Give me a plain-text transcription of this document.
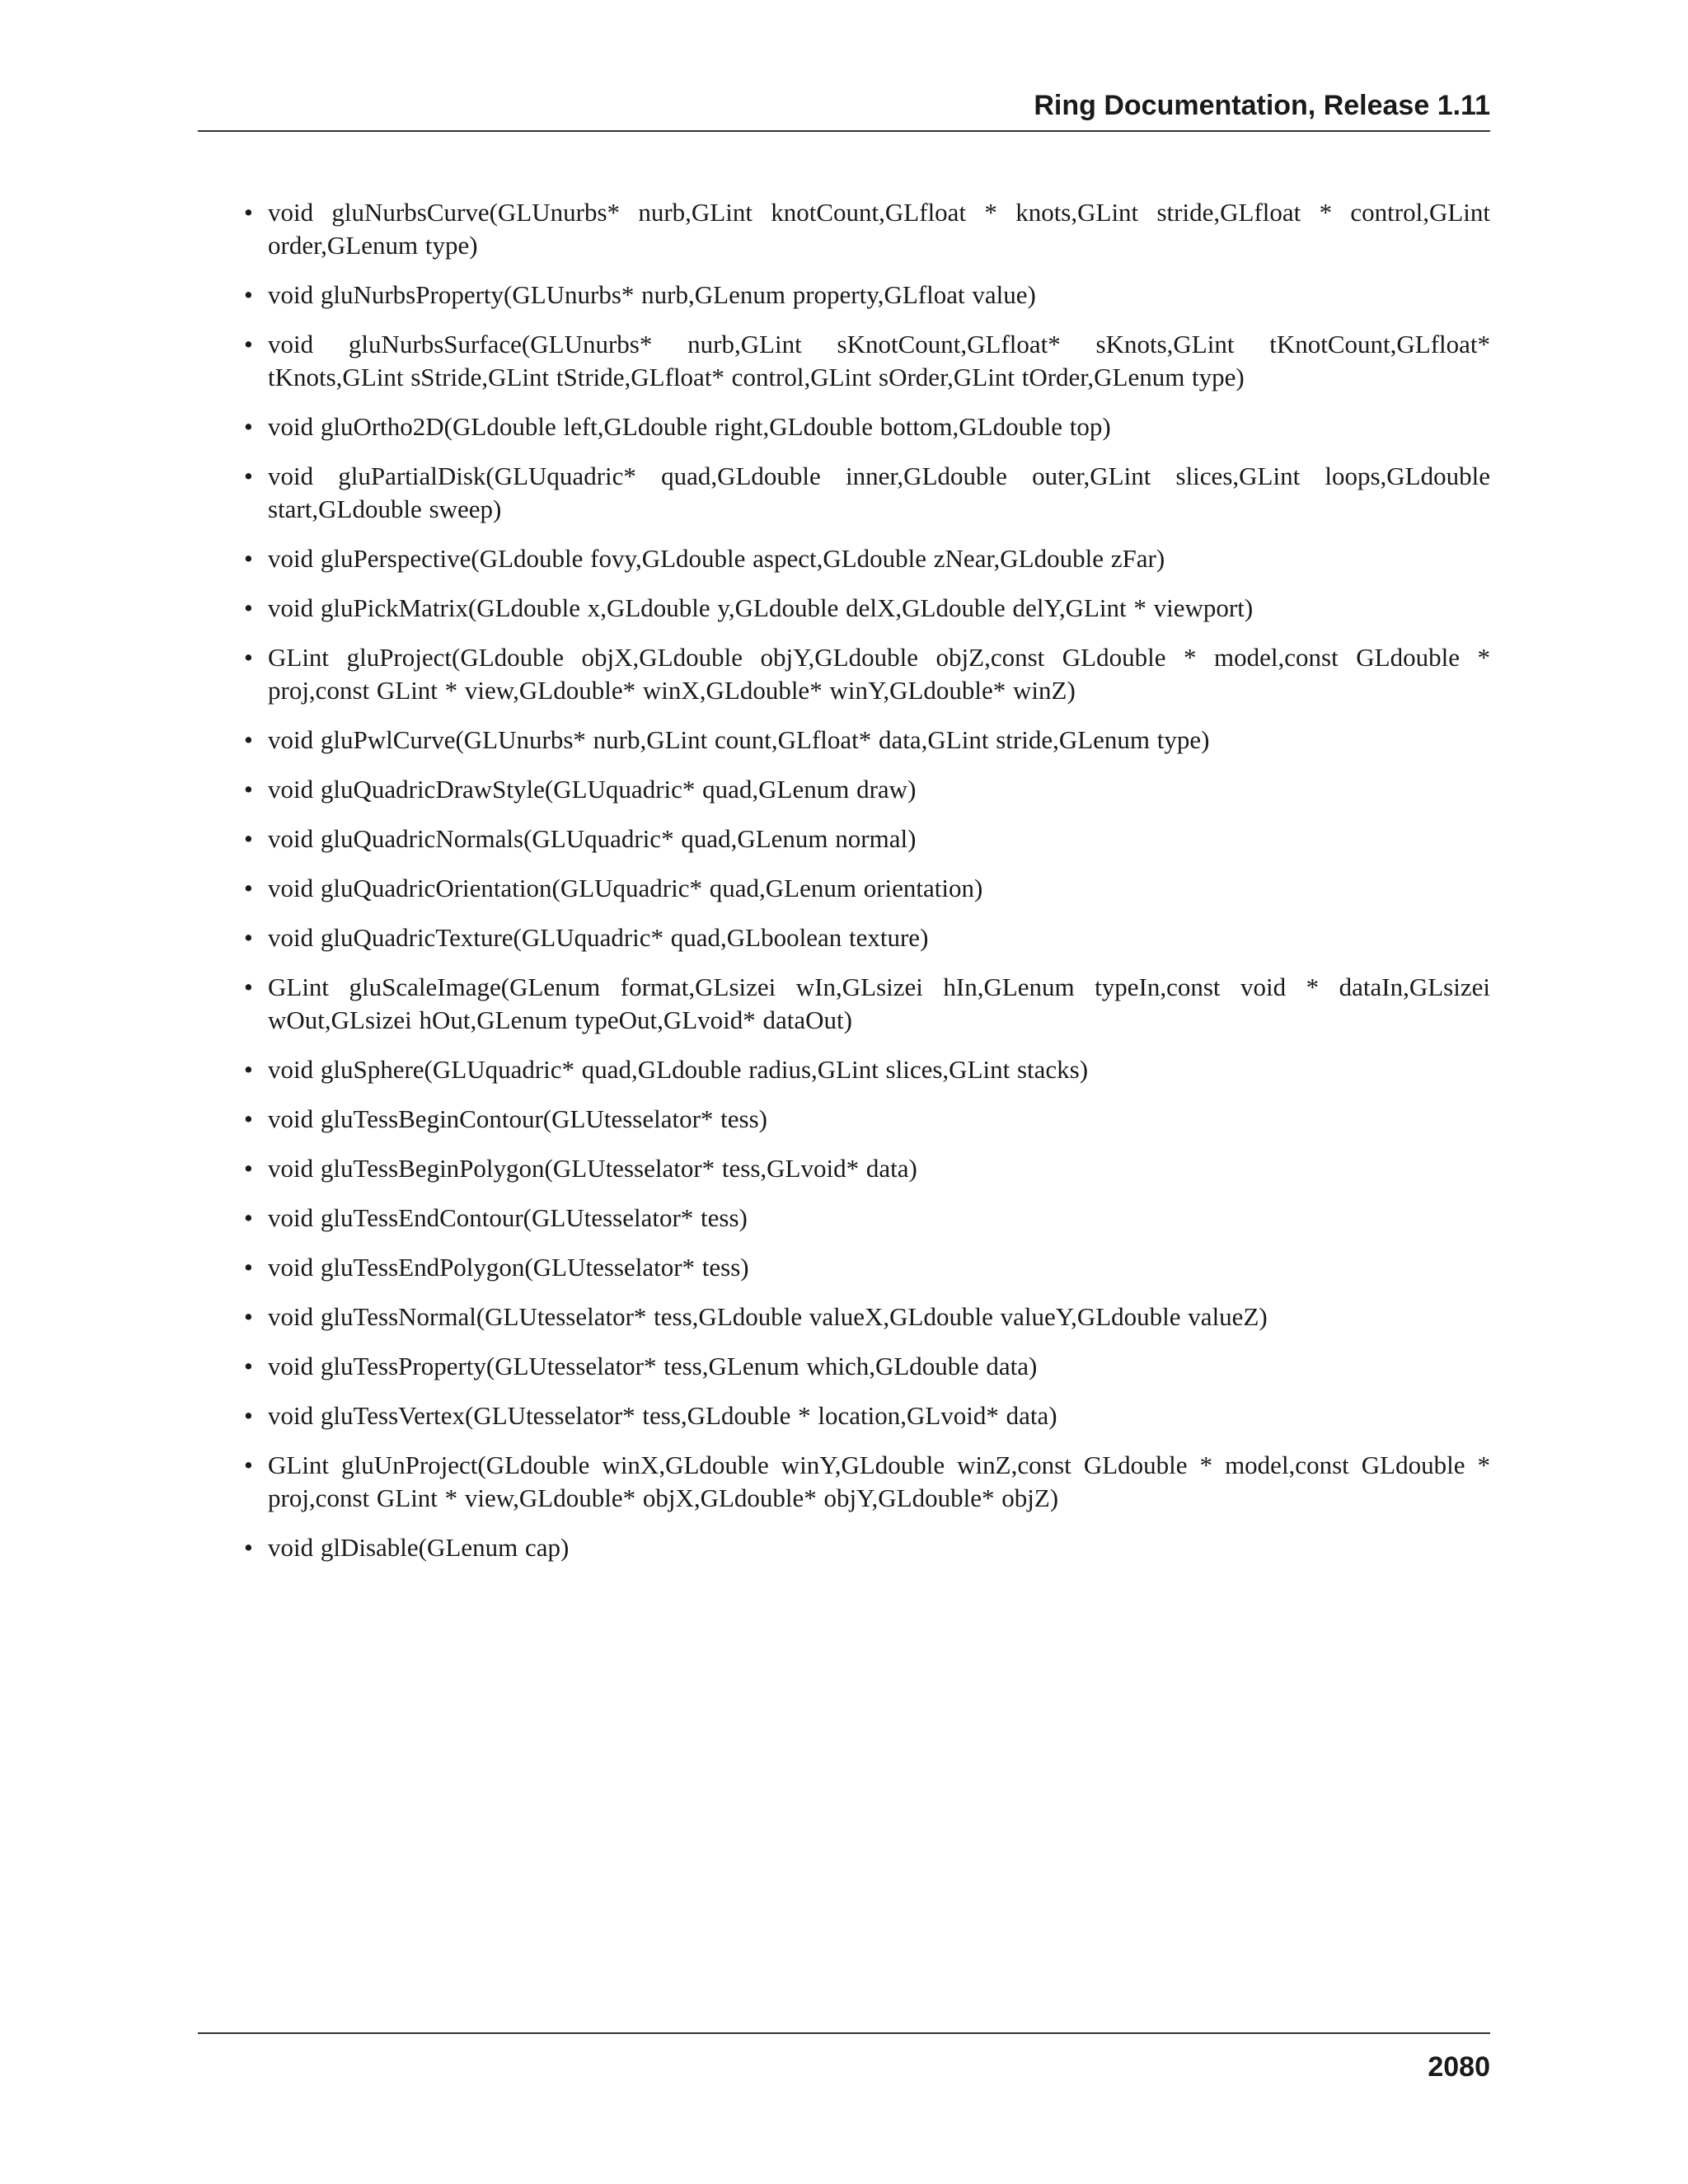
Ring Documentation, Release 1.11
• void gluNurbsCurve(GLUnurbs* nurb,GLint knotCount,GLfloat * knots,GLint stride,GLfloat * control,GLint order,GLenum type)
• void gluNurbsProperty(GLUnurbs* nurb,GLenum property,GLfloat value)
• void gluNurbsSurface(GLUnurbs* nurb,GLint sKnotCount,GLfloat* sKnots,GLint tKnotCount,GLfloat* tKnots,GLint sStride,GLint tStride,GLfloat* control,GLint sOrder,GLint tOrder,GLenum type)
• void gluOrtho2D(GLdouble left,GLdouble right,GLdouble bottom,GLdouble top)
• void gluPartialDisk(GLUquadric* quad,GLdouble inner,GLdouble outer,GLint slices,GLint loops,GLdouble start,GLdouble sweep)
• void gluPerspective(GLdouble fovy,GLdouble aspect,GLdouble zNear,GLdouble zFar)
• void gluPickMatrix(GLdouble x,GLdouble y,GLdouble delX,GLdouble delY,GLint * viewport)
• GLint gluProject(GLdouble objX,GLdouble objY,GLdouble objZ,const GLdouble * model,const GLdouble * proj,const GLint * view,GLdouble* winX,GLdouble* winY,GLdouble* winZ)
• void gluPwlCurve(GLUnurbs* nurb,GLint count,GLfloat* data,GLint stride,GLenum type)
• void gluQuadricDrawStyle(GLUquadric* quad,GLenum draw)
• void gluQuadricNormals(GLUquadric* quad,GLenum normal)
• void gluQuadricOrientation(GLUquadric* quad,GLenum orientation)
• void gluQuadricTexture(GLUquadric* quad,GLboolean texture)
• GLint gluScaleImage(GLenum format,GLsizei wIn,GLsizei hIn,GLenum typeIn,const void * dataIn,GLsizei wOut,GLsizei hOut,GLenum typeOut,GLvoid* dataOut)
• void gluSphere(GLUquadric* quad,GLdouble radius,GLint slices,GLint stacks)
• void gluTessBeginContour(GLUtesselator* tess)
• void gluTessBeginPolygon(GLUtesselator* tess,GLvoid* data)
• void gluTessEndContour(GLUtesselator* tess)
• void gluTessEndPolygon(GLUtesselator* tess)
• void gluTessNormal(GLUtesselator* tess,GLdouble valueX,GLdouble valueY,GLdouble valueZ)
• void gluTessProperty(GLUtesselator* tess,GLenum which,GLdouble data)
• void gluTessVertex(GLUtesselator* tess,GLdouble * location,GLvoid* data)
• GLint gluUnProject(GLdouble winX,GLdouble winY,GLdouble winZ,const GLdouble * model,const GLdouble * proj,const GLint * view,GLdouble* objX,GLdouble* objY,GLdouble* objZ)
• void glDisable(GLenum cap)
2080
